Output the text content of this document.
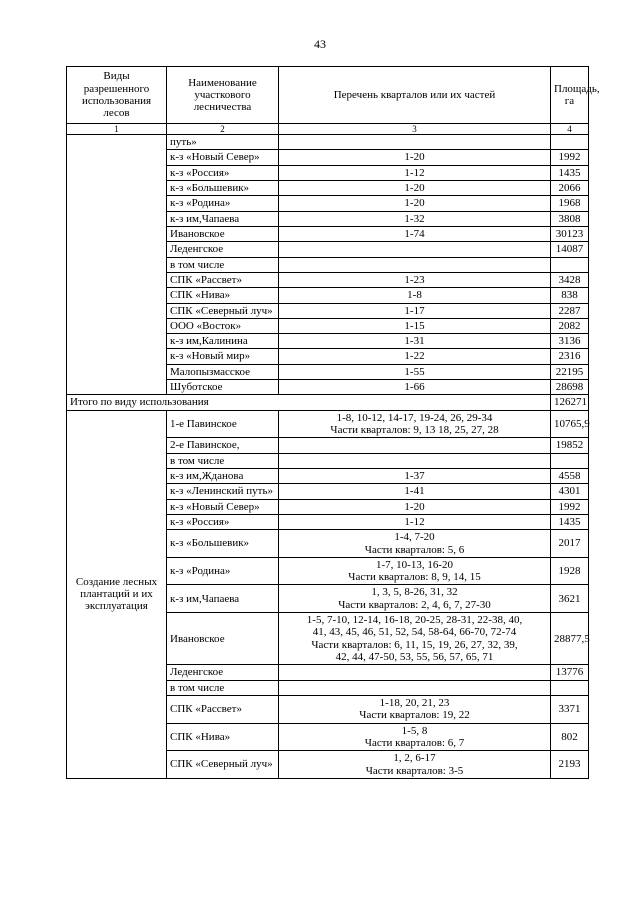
43
Виды разрешенного использования лесов	Наименование участкового лесничества	Перечень кварталов или их частей	Площадь, га
1	2	3	4
	путь»		
	к-з «Новый Север»	1-20	1992
	к-з «Россия»	1-12	1435
	к-з «Большевик»	1-20	2066
	к-з «Родина»	1-20	1968
	к-з им,Чапаева	1-32	3808
	Ивановское	1-74	30123
	Леденгское		14087
	в том числе		
	СПК «Рассвет»	1-23	3428
	СПК «Нива»	1-8	838
	СПК «Северный луч»	1-17	2287
	ООО «Восток»	1-15	2082
	к-з им,Калинина	1-31	3136
	к-з «Новый мир»	1-22	2316
	Малопызмасское	1-55	22195
	Шуботское	1-66	28698
Итого по виду использования			126271
Создание лесных плантаций и их эксплуатация	1-е Павинское	1-8, 10-12, 14-17, 19-24, 26, 29-34
Части кварталов: 9, 13 18, 25, 27, 28	10765,9
	2-е Павинское,		19852
	в том числе		
	к-з им,Жданова	1-37	4558
	к-з «Ленинский путь»	1-41	4301
	к-з «Новый Север»	1-20	1992
	к-з «Россия»	1-12	1435
	к-з «Большевик»	1-4, 7-20
Части кварталов: 5, 6	2017
	к-з «Родина»	1-7, 10-13, 16-20
Части кварталов: 8, 9, 14, 15	1928
	к-з им,Чапаева	1, 3, 5, 8-26, 31, 32
Части кварталов: 2, 4, 6, 7, 27-30	3621
	Ивановское	1-5, 7-10, 12-14, 16-18, 20-25, 28-31, 22-38, 40,
41, 43, 45, 46, 51, 52, 54, 58-64, 66-70, 72-74
Части кварталов: 6, 11, 15, 19, 26, 27, 32, 39,
42, 44, 47-50, 53, 55, 56, 57, 65, 71	28877,5
	Леденгское		13776
	в том числе		
	СПК «Рассвет»	1-18, 20, 21, 23
Части кварталов: 19, 22	3371
	СПК «Нива»	1-5, 8
Части кварталов: 6, 7	802
	СПК «Северный луч»	1, 2, 6-17
Части кварталов: 3-5	2193
